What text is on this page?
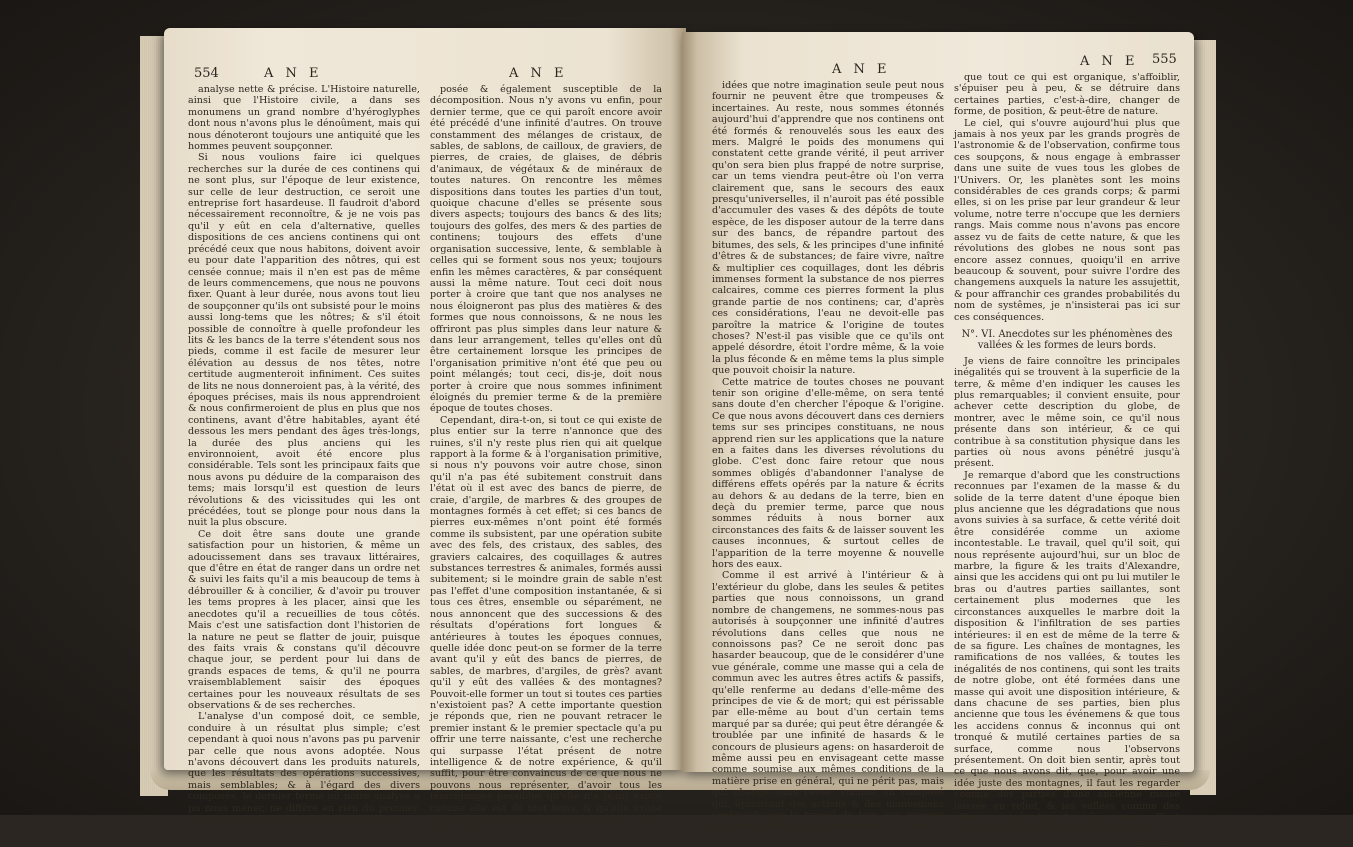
554	A N E	A N E

analyse nette & précise. L'Histoire naturelle, ainsi que l'Histoire civile, a dans ses monumens un grand nombre d'hyéroglyphes dont nous n'avons plus le dénoûment, mais qui nous dénoteront toujours une antiquité que les hommes peuvent soupçonner.

Si nous voulions faire ici quelques recherches sur la durée de ces continens qui ne sont plus, sur l'époque de leur existence, sur celle de leur destruction, ce seroit une entreprise fort hasardeuse. Il faudroit d'abord nécessairement reconnoître, & je ne vois pas qu'il y eût en cela d'alternative, quelles dispositions de ces anciens continens qui ont précédé ceux que nous habitons, doivent avoir eu pour date l'apparition des nôtres, qui est censée connue; mais il n'en est pas de même de leurs commencemens, que nous ne pouvons fixer. Quant à leur durée, nous avons tout lieu de soupçonner qu'ils ont subsisté pour le moins aussi long-tems que les nôtres; & s'il étoit possible de connoître à quelle profondeur les lits & les bancs de la terre s'étendent sous nos pieds, comme il est facile de mesurer leur élévation au dessus de nos têtes, notre certitude augmenteroit infiniment. Ces suites de lits ne nous donneroient pas, à la vérité, des époques précises, mais ils nous apprendroient & nous confirmeroient de plus en plus que nos continens, avant d'être habitables, ayant été dessous les mers pendant des âges très-longs, la durée des plus anciens qui les environnoient, avoit été encore plus considérable. Tels sont les principaux faits que nous avons pu déduire de la comparaison des tems; mais lorsqu'il est question de leurs révolutions & des vicissitudes qui les ont précédées, tout se plonge pour nous dans la nuit la plus obscure.

Ce doit être sans doute une grande satisfaction pour un historien, & même un adoucissement dans ses travaux littéraires, que d'être en état de ranger dans un ordre net & suivi les faits qu'il a mis beaucoup de tems à débrouiller & à concilier, & d'avoir pu trouver les tems propres à les placer, ainsi que les anecdotes qu'il a recueillies de tous côtés. Mais c'est une satisfaction dont l'historien de la nature ne peut se flatter de jouir, puisque des faits vrais & constans qu'il découvre chaque jour, se perdent pour lui dans de grands espaces de tems, & qu'il ne pourra vraisemblablement saisir des époques certaines pour les nouveaux résultats de ses observations & de ses recherches.

L'analyse d'un composé doit, ce semble, conduire à un résultat plus simple; c'est cependant à quoi nous n'avons pas pu parvenir par celle que nous avons adoptée. Nous n'avons découvert dans les produits naturels, que les résultats des opérations successives, mais semblables; & à l'égard des divers composés, le dernier terme où notre analyse a pu nous mener, ne diffère en rien du premier. C'est toujours une matière également com-

posée & également susceptible de la décomposition. Nous n'y avons vu enfin, pour dernier terme, que ce qui paroît encore avoir été précédé d'une infinité d'autres. On trouve constamment des mélanges de cristaux, de sables, de sablons, de cailloux, de graviers, de pierres, de craies, de glaises, de débris d'animaux, de végétaux & de minéraux de toutes natures. On rencontre les mêmes dispositions dans toutes les parties d'un tout, quoique chacune d'elles se présente sous divers aspects; toujours des bancs & des lits; toujours des golfes, des mers & des parties de continens; toujours des effets d'une organisation successive, lente, & semblable à celles qui se forment sous nos yeux; toujours enfin les mêmes caractères, & par conséquent aussi la même nature. Tout ceci doit nous porter à croire que tant que nos analyses ne nous éloigneront pas plus des matières & des formes que nous connoissons, & ne nous les offriront pas plus simples dans leur nature & dans leur arrangement, telles qu'elles ont dû être certainement lorsque les principes de l'organisation primitive n'ont été que peu ou point mélangés; tout ceci, dis-je, doit nous porter à croire que nous sommes infiniment éloignés du premier terme & de la première époque de toutes choses.

Cependant, dira-t-on, si tout ce qui existe de plus entier sur la terre n'annonce que des ruines, s'il n'y reste plus rien qui ait quelque rapport à la forme & à l'organisation primitive, si nous n'y pouvons voir autre chose, sinon qu'il n'a pas été subitement construit dans l'état où il est avec des bancs de pierre, de craie, d'argile, de marbres & des groupes de montagnes formés à cet effet; si ces bancs de pierres eux-mêmes n'ont point été formés comme ils subsistent, par une opération subite avec des fels, des cristaux, des sables, des graviers calcaires, des coquillages & autres substances terrestres & animales, formés aussi subitement; si le moindre grain de sable n'est pas l'effet d'une composition instantanée, & si tous ces êtres, ensemble ou séparément, ne nous annoncent que des successions & des résultats d'opérations fort longues & antérieures à toutes les époques connues, quelle idée donc peut-on se former de la terre avant qu'il y eût des bancs de pierres, de sables, de marbres, d'argiles, de grès? avant qu'il y eût des vallées & des montagnes? Pouvoit-elle former un tout si toutes ces parties n'existoient pas? A cette importante question je réponds que, rien ne pouvant retracer le premier instant & le premier spectacle qu'a pu offrir une terre naissante, c'est une recherche qui surpasse l'état présent de notre intelligence & de notre expérience, & qu'il suffit, pour être convaincus de ce que nous ne pouvons nous représenter, d'avoir tous les témoignages possibles qu'elle n'a point existé comme elle est de tout tems, & qu'elle existe depuis tous ceux qui nous sont connus, & que toutes les

A N E
A N E 555

idées que notre imagination seule peut nous fournir ne peuvent être que trompeuses & incertaines. Au reste, nous sommes étonnés aujourd'hui d'apprendre que nos continens ont été formés & renouvelés sous les eaux des mers. Malgré le poids des monumens qui constatent cette grande vérité, il peut arriver qu'on sera bien plus frappé de notre surprise, car un tems viendra peut-être où l'on verra clairement que, sans le secours des eaux presqu'universelles, il n'auroit pas été possible d'accumuler des vases & des dépôts de toute espèce, de les disposer autour de la terre dans sur des bancs, de répandre partout des bitumes, des sels, & les principes d'une infinité d'êtres & de substances; de faire vivre, naître & multiplier ces coquillages, dont les débris immenses forment la substance de nos pierres calcaires, comme ces pierres forment la plus grande partie de nos continens; car, d'après ces considérations, l'eau ne devoit-elle pas paroître la matrice & l'origine de toutes choses? N'est-il pas visible que ce qu'ils ont appelé désordre, étoit l'ordre même, & la voie la plus féconde & en même tems la plus simple que pouvoit choisir la nature.

Cette matrice de toutes choses ne pouvant tenir son origine d'elle-même, on sera tenté sans doute d'en chercher l'époque & l'origine. Ce que nous avons découvert dans ces derniers tems sur ses principes constituans, ne nous apprend rien sur les applications que la nature en a faites dans les diverses révolutions du globe. C'est donc faire retour que nous sommes obligés d'abandonner l'analyse de différens effets opérés par la nature & écrits au dehors & au dedans de la terre, bien en deçà du premier terme, parce que nous sommes réduits à nous borner aux circonstances des faits & de laisser souvent les causes inconnues, & surtout celles de l'apparition de la terre moyenne & nouvelle hors des eaux.

Comme il est arrivé à l'intérieur & à l'extérieur du globe, dans les seules & petites parties que nous connoissons, un grand nombre de changemens, ne sommes-nous pas autorisés à soupçonner une infinité d'autres révolutions dans celles que nous ne connoissons pas? Ce ne seroit donc pas hasarder beaucoup, que de le considérer d'une vue générale, comme une masse qui a cela de commun avec les autres êtres actifs & passifs, qu'elle renferme au dedans d'elle-même des principes de vie & de mort; qui est périssable par elle-même au bout d'un certain tems marqué par sa durée; qui peut être dérangée & troublée par une infinité de hasards & le concours de plusieurs agens: on hasarderoit de même aussi peu en envisageant cette masse comme soumise aux mêmes conditions de la matière prise en général, qui ne périt pas, mais qui change sans cesse; comme un composé qui, éprouvant des actions & des mouvemens continuels par le travail de tous ses propres organes & de ses agens extérieurs, doit, ainsi

que tout ce qui est organique, s'affoiblir, s'épuiser peu à peu, & se détruire dans certaines parties, c'est-à-dire, changer de forme, de position, & peut-être de nature.

Le ciel, qui s'ouvre aujourd'hui plus que jamais à nos yeux par les grands progrès de l'astronomie & de l'observation, confirme tous ces soupçons, & nous engage à embrasser dans une suite de vues tous les globes de l'Univers. Or, les planètes sont les moins considérables de ces grands corps; & parmi elles, si on les prise par leur grandeur & leur volume, notre terre n'occupe que les derniers rangs. Mais comme nous n'avons pas encore assez vu de faits de cette nature, & que les révolutions des globes ne nous sont pas encore assez connues, quoiqu'il en arrive beaucoup & souvent, pour suivre l'ordre des changemens auxquels la nature les assujettit, & pour affranchir ces grandes probabilités du nom de systêmes, je n'insisterai pas ici sur ces conséquences.

N°. VI. Anecdotes sur les phénomènes des vallées & les formes de leurs bords.

Je viens de faire connoître les principales inégalités qui se trouvent à la superficie de la terre, & même d'en indiquer les causes les plus remarquables; il convient ensuite, pour achever cette description du globe, de montrer, avec le même soin, ce qu'il nous présente dans son intérieur, & ce qui contribue à sa constitution physique dans les parties où nous avons pénétré jusqu'à présent.

Je remarque d'abord que les constructions reconnues par l'examen de la masse & du solide de la terre datent d'une époque bien plus ancienne que les dégradations que nous avons suivies à sa surface, & cette vérité doit être considérée comme un axiome incontestable. Le travail, quel qu'il soit, qui nous représente aujourd'hui, sur un bloc de marbre, la figure & les traits d'Alexandre, ainsi que les accidens qui ont pu lui mutiler le bras ou d'autres parties saillantes, sont certainement plus modernes que les circonstances auxquelles le marbre doit la disposition & l'infiltration de ses parties intérieures: il en est de même de la terre & de sa figure. Les chaînes de montagnes, les ramifications de nos vallées, & toutes les inégalités de nos continens, qui sont les traits de notre globe, ont été formées dans une masse qui avoit une disposition intérieure, & dans chacune de ses parties, bien plus ancienne que tous les événemens & que tous les accidens connus & inconnus qui ont tronqué & mutilé certaines parties de sa surface, comme nous l'observons présentement. On doit bien sentir, après tout ce que nous avons dit, que, pour avoir une idée juste des montagnes, il faut les regarder comme des parties d'une ancienne masse laissée en relief, & les vallées comme des sillons creusés dans la même masse. C'est ainsi que le sculpteur, pour faire enlever

A a a a 2
